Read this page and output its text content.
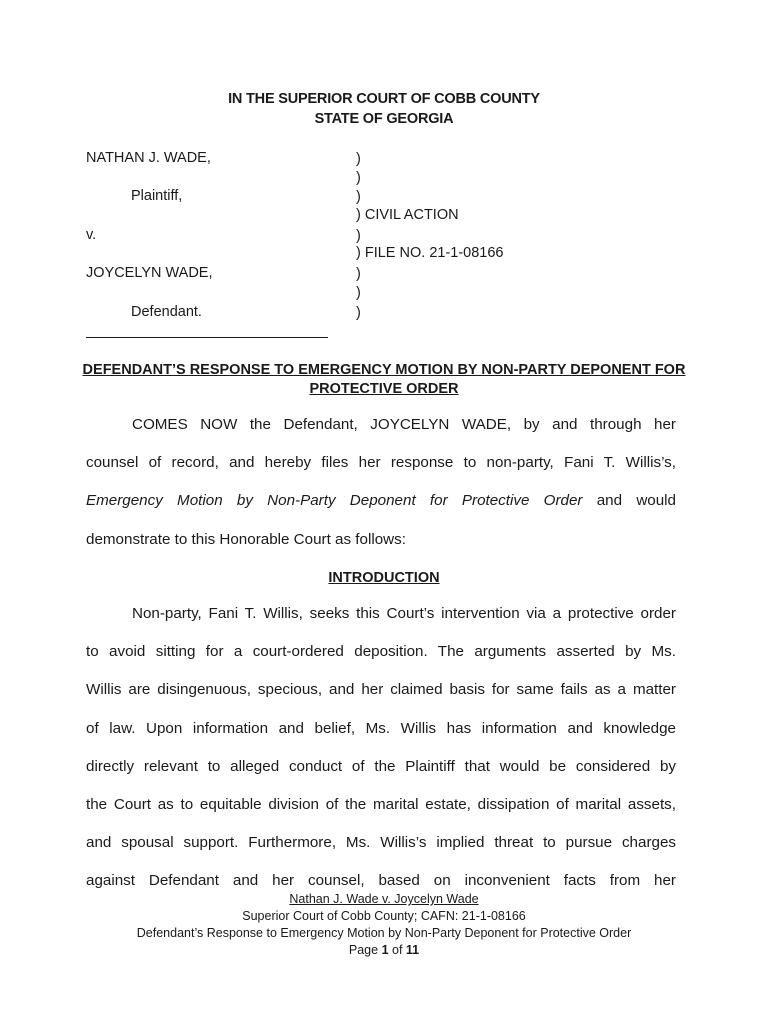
IN THE SUPERIOR COURT OF COBB COUNTY
STATE OF GEORGIA
NATHAN J. WADE,
Plaintiff,
v.
JOYCELYN WADE,
Defendant.
)
)
)
)
)
)
)
) CIVIL ACTION
) FILE NO. 21-1-08166
DEFENDANT’S RESPONSE TO EMERGENCY MOTION BY NON-PARTY DEPONENT FOR
PROTECTIVE ORDER
COMES NOW the Defendant, JOYCELYN WADE, by and through her
counsel of record, and hereby files her response to non-party, Fani T. Willis’s,
Emergency Motion by Non-Party Deponent for Protective Order and would
demonstrate to this Honorable Court as follows:
INTRODUCTION
Non-party, Fani T. Willis, seeks this Court’s intervention via a protective order
to avoid sitting for a court-ordered deposition. The arguments asserted by Ms.
Willis are disingenuous, specious, and her claimed basis for same fails as a matter
of law. Upon information and belief, Ms. Willis has information and knowledge
directly relevant to alleged conduct of the Plaintiff that would be considered by
the Court as to equitable division of the marital estate, dissipation of marital assets,
and spousal support. Furthermore, Ms. Willis’s implied threat to pursue charges
against Defendant and her counsel, based on inconvenient facts from her
Nathan J. Wade v. Joycelyn Wade
Superior Court of Cobb County; CAFN: 21-1-08166
Defendant’s Response to Emergency Motion by Non-Party Deponent for Protective Order
Page 1 of 11
